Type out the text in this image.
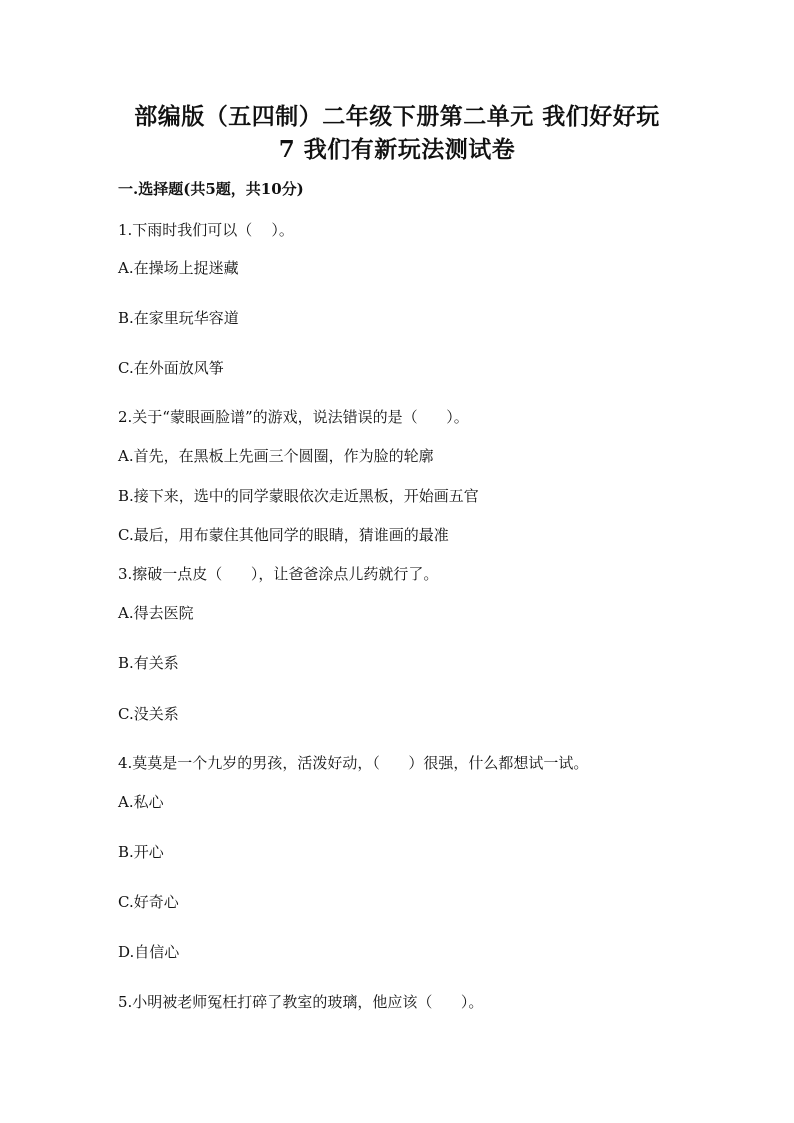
部编版（五四制）二年级下册第二单元 我们好好玩
7 我们有新玩法测试卷
一.选择题(共5题，共10分)
1.下雨时我们可以（    ）。
A.在操场上捉迷藏
B.在家里玩华容道
C.在外面放风筝
2.关于“蒙眼画脸谱”的游戏，说法错误的是（      ）。
A.首先，在黑板上先画三个圆圈，作为脸的轮廓
B.接下来，选中的同学蒙眼依次走近黑板，开始画五官
C.最后，用布蒙住其他同学的眼睛，猜谁画的最准
3.擦破一点皮（      ），让爸爸涂点儿药就行了。
A.得去医院
B.有关系
C.没关系
4.莫莫是一个九岁的男孩，活泼好动，（      ）很强，什么都想试一试。
A.私心
B.开心
C.好奇心
D.自信心
5.小明被老师冤枉打碎了教室的玻璃，他应该（      ）。
